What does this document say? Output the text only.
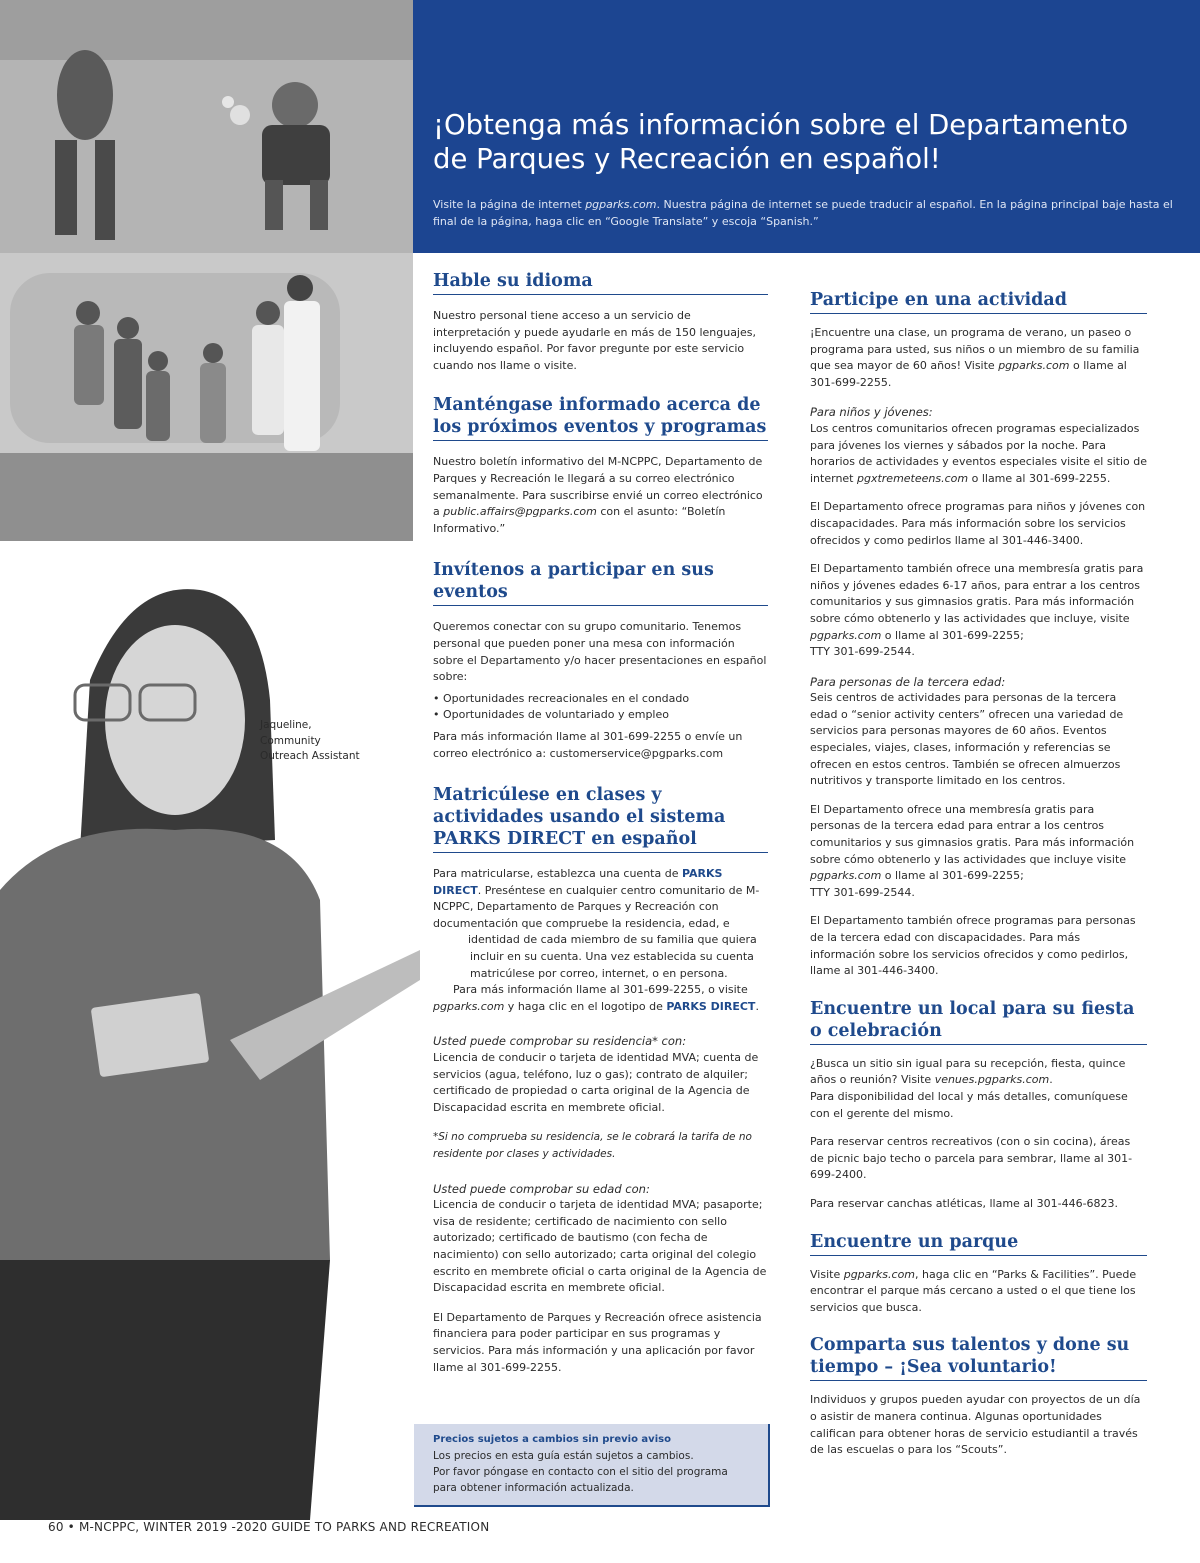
¡Obtenga más información sobre el Departamento
de Parques y Recreación en español!
Visite la página de internet pgparks.com. Nuestra página de internet se puede traducir al español. En la página principal baje hasta el final de la página, haga clic en “Google Translate” y escoja “Spanish.”
Jaqueline,
Community
Outreach Assistant
Hable su idioma

Nuestro personal tiene acceso a un servicio de interpretación y puede ayudarle en más de 150 lenguajes, incluyendo español. Por favor pregunte por este servicio cuando nos llame o visite.

Manténgase informado acerca de los próximos eventos y programas

Nuestro boletín informativo del M-NCPPC, Departamento de Parques y Recreación le llegará a su correo electrónico semanalmente. Para suscribirse envié un correo electrónico a public.affairs@pgparks.com con el asunto: “Boletín Informativo.”

Invítenos a participar en sus eventos

Queremos conectar con su grupo comunitario. Tenemos personal que pueden poner una mesa con información sobre el Departamento y/o hacer presentaciones en español sobre:

• Oportunidades recreacionales en el condado

• Oportunidades de voluntariado y empleo

Para más información llame al 301-699-2255 o envíe un correo electrónico a: customerservice@pgparks.com

Matricúlese en clases y actividades usando el sistema PARKS DIRECT en español

Para matricularse, establezca una cuenta de PARKS DIRECT. Preséntese en cualquier centro comunitario de M-NCPPC, Departamento de Parques y Recreación con documentación que compruebe la residencia, edad, e

identidad de cada miembro de su familia que quiera

incluir en su cuenta. Una vez establecida su cuenta

matricúlese por correo, internet, o en persona.

Para más información llame al 301-699-2255, o visite

pgparks.com y haga clic en el logotipo de PARKS DIRECT.

Usted puede comprobar su residencia* con:

Licencia de conducir o tarjeta de identidad MVA; cuenta de servicios (agua, teléfono, luz o gas); contrato de alquiler; certificado de propiedad o carta original de la Agencia de Discapacidad escrita en membrete oficial.

*Si no comprueba su residencia, se le cobrará la tarifa de no residente por clases y actividades.

Usted puede comprobar su edad con:

Licencia de conducir o tarjeta de identidad MVA; pasaporte; visa de residente; certificado de nacimiento con sello autorizado; certificado de bautismo (con fecha de nacimiento) con sello autorizado; carta original del colegio escrito en membrete oficial o carta original de la Agencia de Discapacidad escrita en membrete oficial.

El Departamento de Parques y Recreación ofrece asistencia financiera para poder participar en sus programas y servicios. Para más información y una aplicación por favor llame al 301-699-2255.

Precios sujetos a cambios sin previo aviso
Los precios en esta guía están sujetos a cambios.
Por favor póngase en contacto con el sitio del programa
para obtener información actualizada.
Participe en una actividad

¡Encuentre una clase, un programa de verano, un paseo o programa para usted, sus niños o un miembro de su familia que sea mayor de 60 años! Visite pgparks.com o llame al 301-699-2255.

Para niños y jóvenes:

Los centros comunitarios ofrecen programas especializados para jóvenes los viernes y sábados por la noche. Para horarios de actividades y eventos especiales visite el sitio de internet pgxtremeteens.com o llame al 301-699-2255.

El Departamento ofrece programas para niños y jóvenes con discapacidades. Para más información sobre los servicios ofrecidos y como pedirlos llame al 301-446-3400.

El Departamento también ofrece una membresía gratis para niños y jóvenes edades 6-17 años, para entrar a los centros comunitarios y sus gimnasios gratis. Para más información sobre cómo obtenerlo y las actividades que incluye, visite pgparks.com o llame al 301-699-2255;

TTY 301-699-2544.

Para personas de la tercera edad:

Seis centros de actividades para personas de la tercera edad o “senior activity centers” ofrecen una variedad de servicios para personas mayores de 60 años. Eventos especiales, viajes, clases, información y referencias se ofrecen en estos centros. También se ofrecen almuerzos nutritivos y transporte limitado en los centros.

El Departamento ofrece una membresía gratis para personas de la tercera edad para entrar a los centros comunitarios y sus gimnasios gratis. Para más información sobre cómo obtenerlo y las actividades que incluye visite pgparks.com o llame al 301-699-2255;

TTY 301-699-2544.

El Departamento también ofrece programas para personas de la tercera edad con discapacidades. Para más información sobre los servicios ofrecidos y como pedirlos, llame al 301-446-3400.

Encuentre un local para su fiesta o celebración

¿Busca un sitio sin igual para su recepción, fiesta, quince años o reunión? Visite venues.pgparks.com.

Para disponibilidad del local y más detalles, comuníquese con el gerente del mismo.

Para reservar centros recreativos (con o sin cocina), áreas de picnic bajo techo o parcela para sembrar, llame al 301-699-2400.

Para reservar canchas atléticas, llame al 301-446-6823.

Encuentre un parque

Visite pgparks.com, haga clic en “Parks & Facilities”. Puede encontrar el parque más cercano a usted o el que tiene los servicios que busca.

Comparta sus talentos y done su tiempo – ¡Sea voluntario!

Individuos y grupos pueden ayudar con proyectos de un día o asistir de manera continua. Algunas oportunidades califican para obtener horas de servicio estudiantil a través de las escuelas o para los “Scouts”.

60 • M-NCPPC, WINTER 2019 -2020 GUIDE TO PARKS AND RECREATION
